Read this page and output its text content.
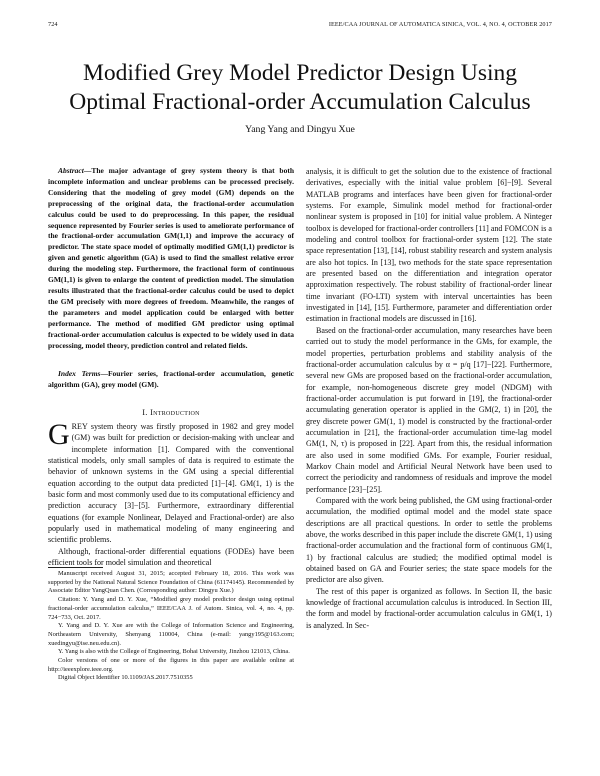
724	IEEE/CAA JOURNAL OF AUTOMATICA SINICA, VOL. 4, NO. 4, OCTOBER 2017
Modified Grey Model Predictor Design Using
Optimal Fractional-order Accumulation Calculus
Yang Yang and Dingyu Xue

Abstract—The major advantage of grey system theory is that both incomplete information and unclear problems can be processed precisely. Considering that the modeling of grey model (GM) depends on the preprocessing of the original data, the fractional-order accumulation calculus could be used to do preprocessing. In this paper, the residual sequence represented by Fourier series is used to ameliorate performance of the fractional-order accumulation GM(1,1) and improve the accuracy of predictor. The state space model of optimally modified GM(1,1) predictor is given and genetic algorithm (GA) is used to find the smallest relative error during the modeling step. Furthermore, the fractional form of continuous GM(1,1) is given to enlarge the content of prediction model. The simulation results illustrated that the fractional-order calculus could be used to depict the GM precisely with more degrees of freedom. Meanwhile, the ranges of the parameters and model application could be enlarged with better performance. The method of modified GM predictor using optimal fractional-order accumulation calculus is expected to be widely used in data processing, model theory, prediction control and related fields.

Index Terms—Fourier series, fractional-order accumulation, genetic algorithm (GA), grey model (GM).

I. Introduction

GREY system theory was firstly proposed in 1982 and grey model (GM) was built for prediction or decision-making with unclear and incomplete information [1]. Compared with the conventional statistical models, only small samples of data is required to estimate the behavior of unknown systems in the GM using a special differential equation according to the output data predicted [1]−[4]. GM(1, 1) is the basic form and most commonly used due to its computational efficiency and prediction accuracy [3]−[5]. Furthermore, extraordinary differential equations (for example Nonlinear, Delayed and Fractional-order) are also popularly used in mathematical modeling of many engineering and scientific problems.

Although, fractional-order differential equations (FODEs) have been efficient tools for model simulation and theoretical

Manuscript received August 31, 2015; accepted February 18, 2016. This work was supported by the National Natural Science Foundation of China (61174145). Recommended by Associate Editor YangQuan Chen. (Corresponding author: Dingyu Xue.)

Citation: Y. Yang and D. Y. Xue, “Modified grey model predictor design using optimal fractional-order accumulation calculus,” IEEE/CAA J. of Autom. Sinica, vol. 4, no. 4, pp. 724−733, Oct. 2017.

Y. Yang and D. Y. Xue are with the College of Information Science and Engineering, Northeastern University, Shenyang 110004, China (e-mail: yangy195@163.com; xuedingyu@ise.neu.edu.cn).

Y. Yang is also with the College of Engineering, Bohai University, Jinzhou 121013, China.

Color versions of one or more of the figures in this paper are available online at http://ieeexplore.ieee.org.

Digital Object Identifier 10.1109/JAS.2017.7510355

analysis, it is difficult to get the solution due to the existence of fractional derivatives, especially with the initial value problem [6]−[9]. Several MATLAB programs and interfaces have been given for fractional-order systems. For example, Simulink model method for fractional-order nonlinear system is proposed in [10] for initial value problem. A Ninteger toolbox is developed for fractional-order controllers [11] and FOMCON is a modeling and control toolbox for fractional-order system [12]. The state space representation [13], [14], robust stability research and system analysis are also hot topics. In [13], two methods for the state space representation are presented based on the differentiation and integration operator approximation respectively. The robust stability of fractional-order linear time invariant (FO-LTI) system with interval uncertainties has been investigated in [14], [15]. Furthermore, parameter and differentiation order estimation in fractional models are discussed in [16].

Based on the fractional-order accumulation, many researches have been carried out to study the model performance in the GMs, for example, the model properties, perturbation problems and stability analysis of the fractional-order accumulation calculus by α = p/q [17]−[22]. Furthermore, several new GMs are proposed based on the fractional-order accumulation, for example, non-homogeneous discrete grey model (NDGM) with fractional-order accumulation is put forward in [19], the fractional-order accumulating generation operator is applied in the GM(2, 1) in [20], the grey discrete power GM(1, 1) model is constructed by the fractional-order accumulation in [21], the fractional-order accumulation time-lag model GM(1, N, τ) is proposed in [22]. Apart from this, the residual information are also used in some modified GMs. For example, Fourier residual, Markov Chain model and Artificial Neural Network have been used to correct the periodicity and randomness of residuals and improve the model performance [23]−[25].

Compared with the work being published, the GM using fractional-order accumulation, the modified optimal model and the model state space descriptions are all practical questions. In order to settle the problems above, the works described in this paper include the discrete GM(1, 1) using fractional-order accumulation and the fractional form of continuous GM(1, 1) by fractional calculus are studied; the modified optimal model is obtained based on GA and Fourier series; the state space models for the predictor are also given.

The rest of this paper is organized as follows. In Section II, the basic knowledge of fractional accumulation calculus is introduced. In Section III, the form and model by fractional-order accumulation calculus in GM(1, 1) is analyzed. In Sec-
